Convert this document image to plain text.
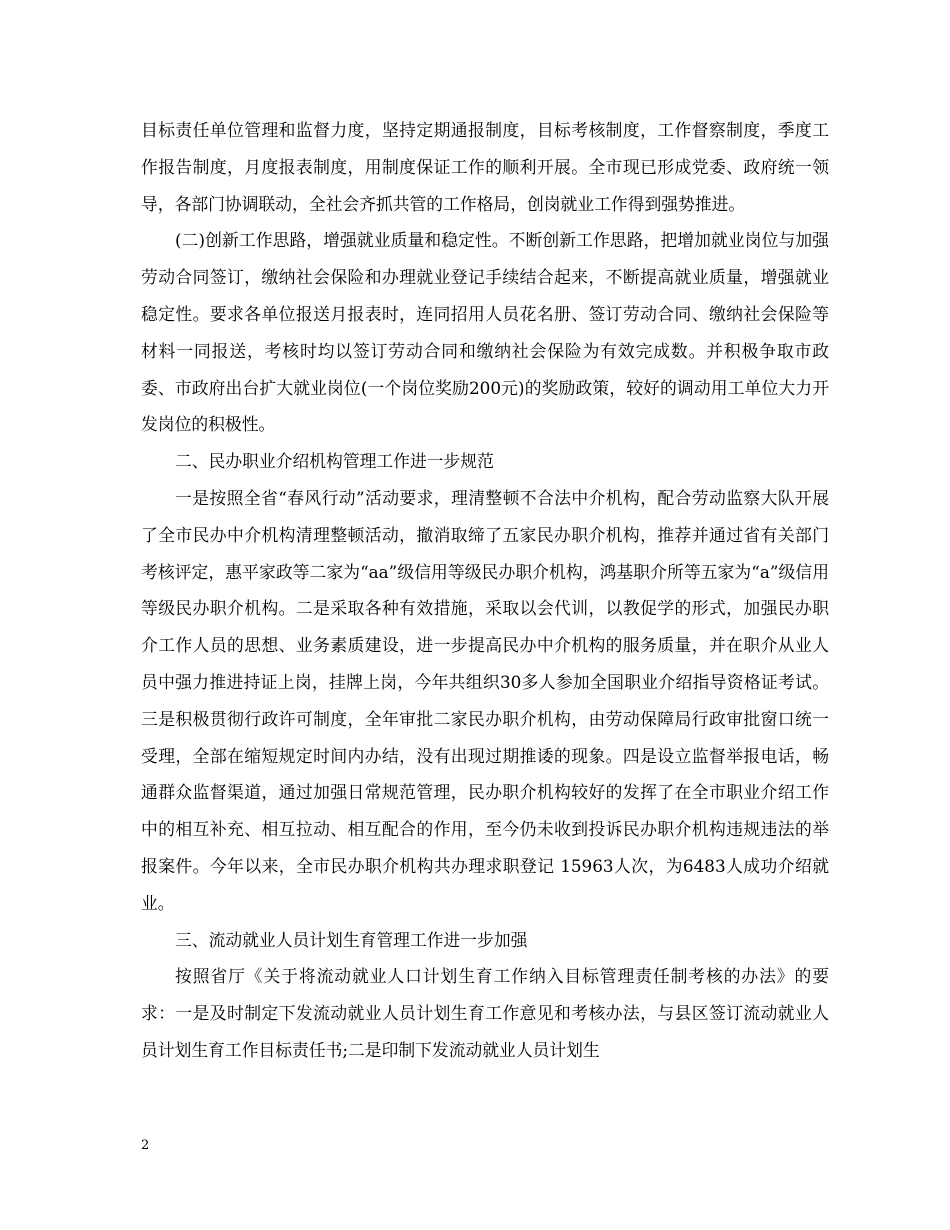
目标责任单位管理和监督力度，坚持定期通报制度，目标考核制度，工作督察制度，季度工作报告制度，月度报表制度，用制度保证工作的顺利开展。全市现已形成党委、政府统一领导，各部门协调联动，全社会齐抓共管的工作格局，创岗就业工作得到强势推进。

(二)创新工作思路，增强就业质量和稳定性。不断创新工作思路，把增加就业岗位与加强劳动合同签订，缴纳社会保险和办理就业登记手续结合起来，不断提高就业质量，增强就业稳定性。要求各单位报送月报表时，连同招用人员花名册、签订劳动合同、缴纳社会保险等材料一同报送，考核时均以签订劳动合同和缴纳社会保险为有效完成数。并积极争取市政委、市政府出台扩大就业岗位(一个岗位奖励200元)的奖励政策，较好的调动用工单位大力开发岗位的积极性。

二、民办职业介绍机构管理工作进一步规范

一是按照全省“春风行动”活动要求，理清整顿不合法中介机构，配合劳动监察大队开展了全市民办中介机构清理整顿活动，撤消取缔了五家民办职介机构，推荐并通过省有关部门考核评定，惠平家政等二家为“aa”级信用等级民办职介机构，鸿基职介所等五家为“a”级信用等级民办职介机构。二是采取各种有效措施，采取以会代训，以教促学的形式，加强民办职介工作人员的思想、业务素质建设，进一步提高民办中介机构的服务质量，并在职介从业人员中强力推进持证上岗，挂牌上岗，今年共组织30多人参加全国职业介绍指导资格证考试。三是积极贯彻行政许可制度，全年审批二家民办职介机构，由劳动保障局行政审批窗口统一受理，全部在缩短规定时间内办结，没有出现过期推诿的现象。四是设立监督举报电话，畅通群众监督渠道，通过加强日常规范管理，民办职介机构较好的发挥了在全市职业介绍工作中的相互补充、相互拉动、相互配合的作用，至今仍未收到投诉民办职介机构违规违法的举报案件。今年以来，全市民办职介机构共办理求职登记 15963人次，为6483人成功介绍就业。

三、流动就业人员计划生育管理工作进一步加强

按照省厅《关于将流动就业人口计划生育工作纳入目标管理责任制考核的办法》的要求：一是及时制定下发流动就业人员计划生育工作意见和考核办法，与县区签订流动就业人员计划生育工作目标责任书;二是印制下发流动就业人员计划生

2
